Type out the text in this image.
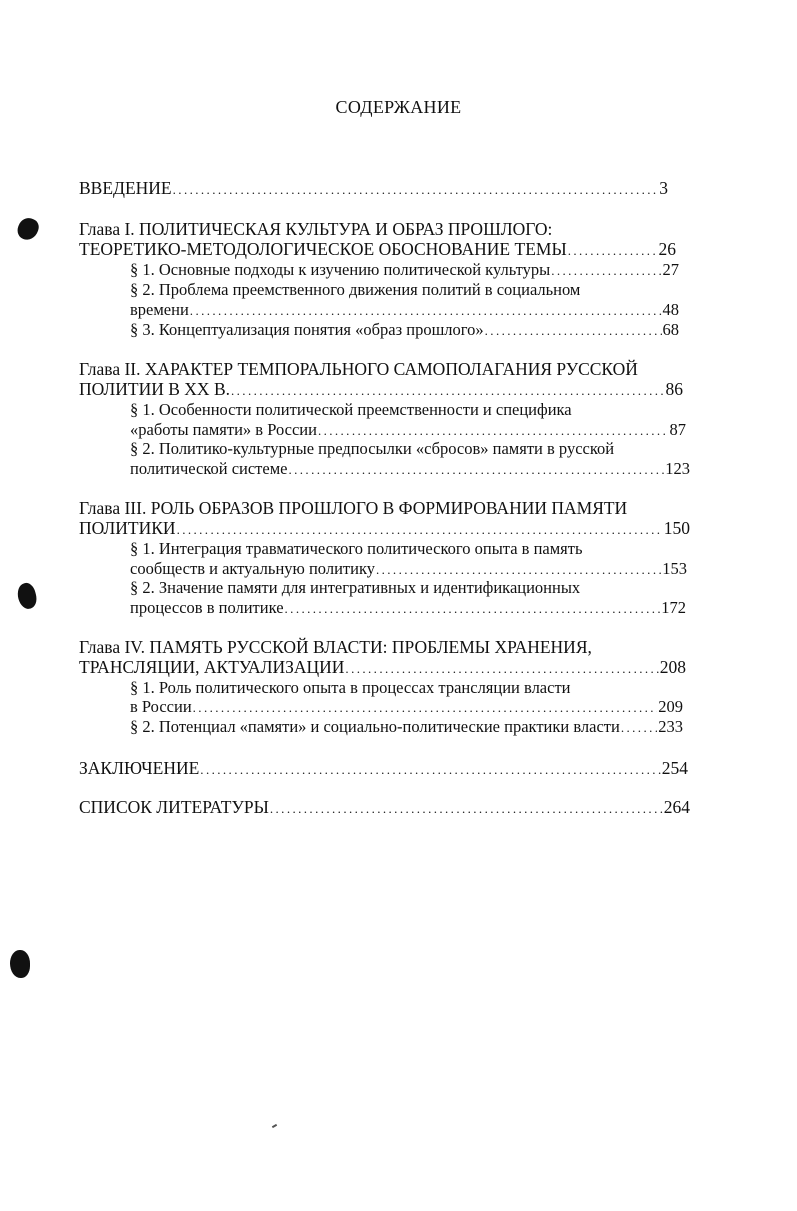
СОДЕРЖАНИЕ
ВВЕДЕНИЕ .....	3
Глава I. ПОЛИТИЧЕСКАЯ КУЛЬТУРА И ОБРАЗ ПРОШЛОГО:
ТЕОРЕТИКО-МЕТОДОЛОГИЧЕСКОЕ ОБОСНОВАНИЕ ТЕМЫ .....	26
§ 1. Основные подходы к изучению политической культуры .....	27
§ 2. Проблема преемственного движения политий в социальном
времени .....	48
§ 3. Концептуализация понятия «образ прошлого» .....	68
Глава II. ХАРАКТЕР ТЕМПОРАЛЬНОГО САМОПОЛАГАНИЯ РУССКОЙ
ПОЛИТИИ В XX В. .....	86
§ 1. Особенности политической преемственности и специфика
«работы памяти» в России .....	87
§ 2. Политико-культурные предпосылки «сбросов» памяти в русской
политической системе .....	123
Глава III. РОЛЬ ОБРАЗОВ ПРОШЛОГО В ФОРМИРОВАНИИ ПАМЯТИ
ПОЛИТИКИ .....	150
§ 1. Интеграция травматического политического опыта в память
сообществ и актуальную политику .....	153
§ 2. Значение памяти для интегративных и идентификационных
процессов в политике .....	172
Глава IV. ПАМЯТЬ РУССКОЙ ВЛАСТИ: ПРОБЛЕМЫ ХРАНЕНИЯ,
ТРАНСЛЯЦИИ, АКТУАЛИЗАЦИИ .....	208
§ 1. Роль политического опыта в процессах трансляции власти
в России .....	209
§ 2. Потенциал «памяти» и социально-политические практики власти ..... 233
ЗАКЛЮЧЕНИЕ .....	254
СПИСОК ЛИТЕРАТУРЫ .....	264
